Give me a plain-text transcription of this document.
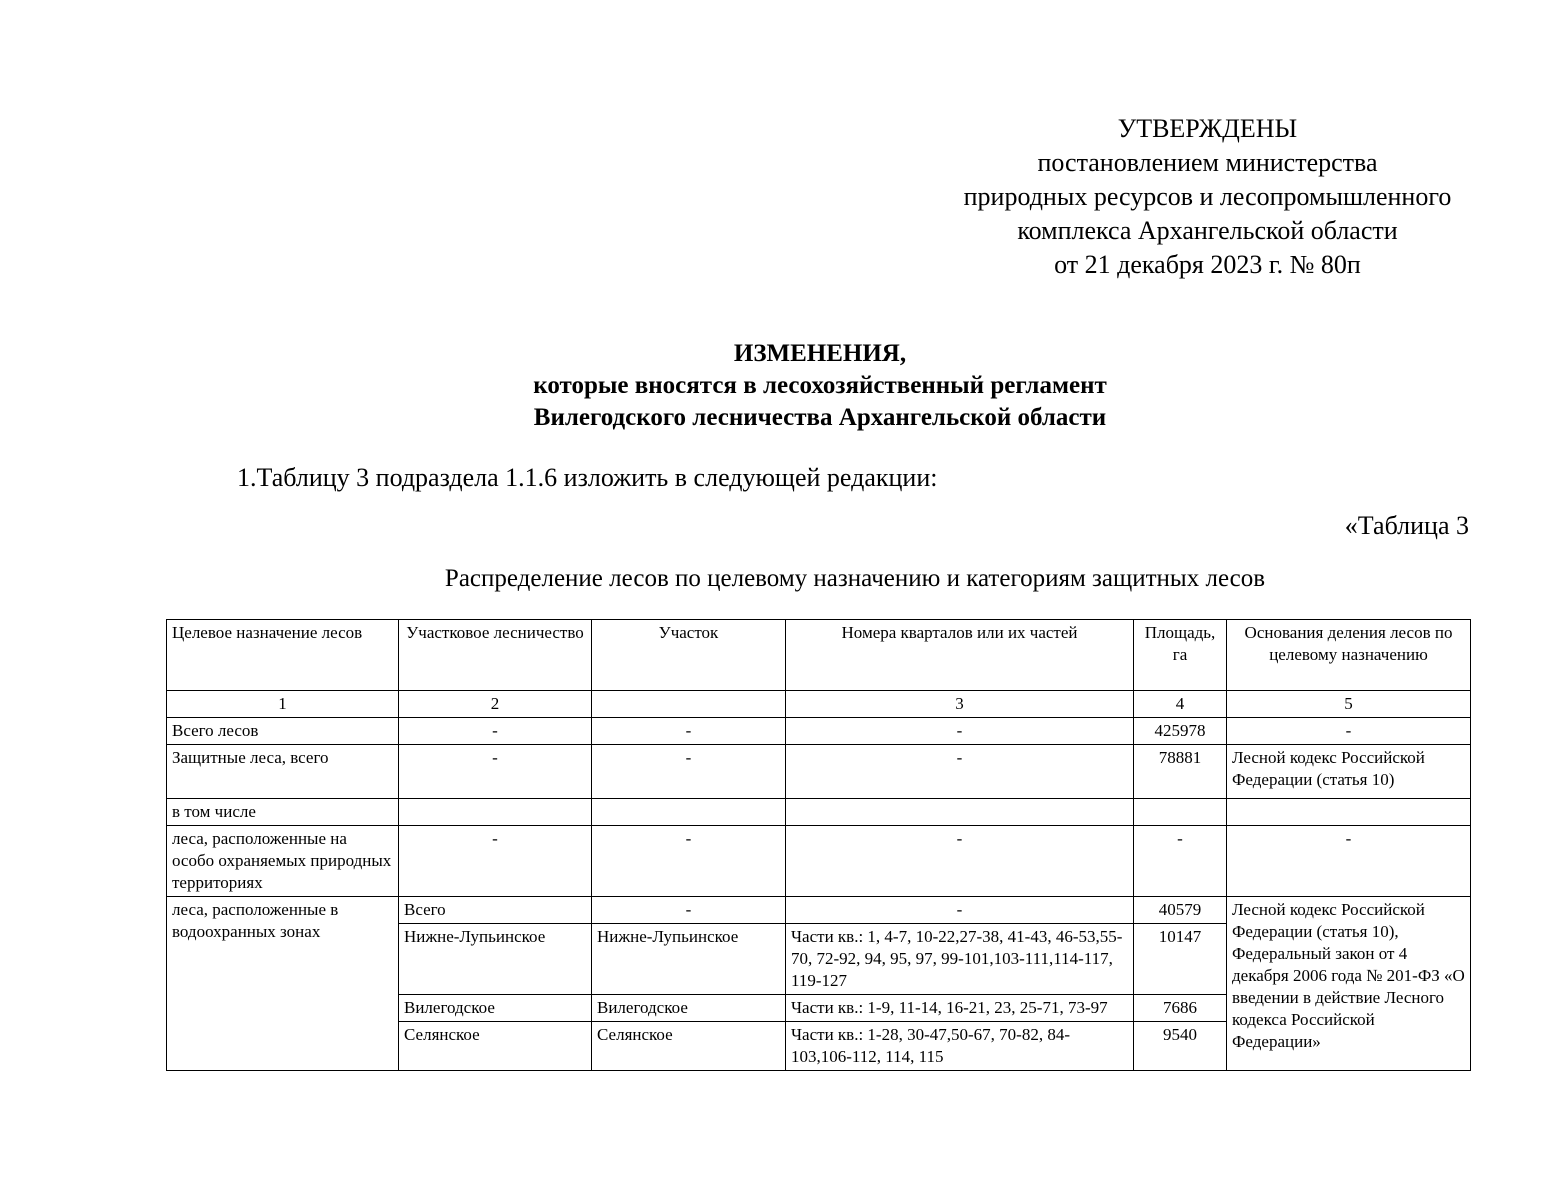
УТВЕРЖДЕНЫ
постановлением министерства
природных ресурсов и лесопромышленного
комплекса Архангельской области
от 21 декабря 2023 г. № 80п
ИЗМЕНЕНИЯ,
которые вносятся в лесохозяйственный регламент
Вилегодского лесничества Архангельской области
1.Таблицу 3 подраздела 1.1.6 изложить в следующей редакции:
«Таблица 3
Распределение лесов по целевому назначению и категориям защитных лесов
Целевое назначение лесов	Участковое лесничество	Участок	Номера кварталов или их частей	Площадь, га	Основания деления лесов по целевому назначению
1	2		3	4	5
Всего лесов	-	-	-	425978	-
Защитные леса, всего	-	-	-	78881	Лесной кодекс Российской Федерации (статья 10)
в том числе					
леса, расположенные на особо охраняемых природных территориях	-	-	-	-	-
леса, расположенные в водоохранных зонах	Всего	-	-	40579	Лесной кодекс Российской Федерации (статья 10), Федеральный закон от 4 декабря 2006 года № 201-ФЗ «О введении в действие Лесного кодекса Российской Федерации»
	Нижне-Лупьинское	Нижне-Лупьинское	Части кв.: 1, 4-7, 10-22,27-38, 41-43, 46-53,55-70, 72-92, 94, 95, 97, 99-101,103-111,114-117, 119-127	10147	
	Вилегодское	Вилегодское	Части кв.: 1-9, 11-14, 16-21, 23, 25-71, 73-97	7686	
	Селянское	Селянское	Части кв.: 1-28, 30-47,50-67, 70-82, 84-103,106-112, 114, 115	9540	
